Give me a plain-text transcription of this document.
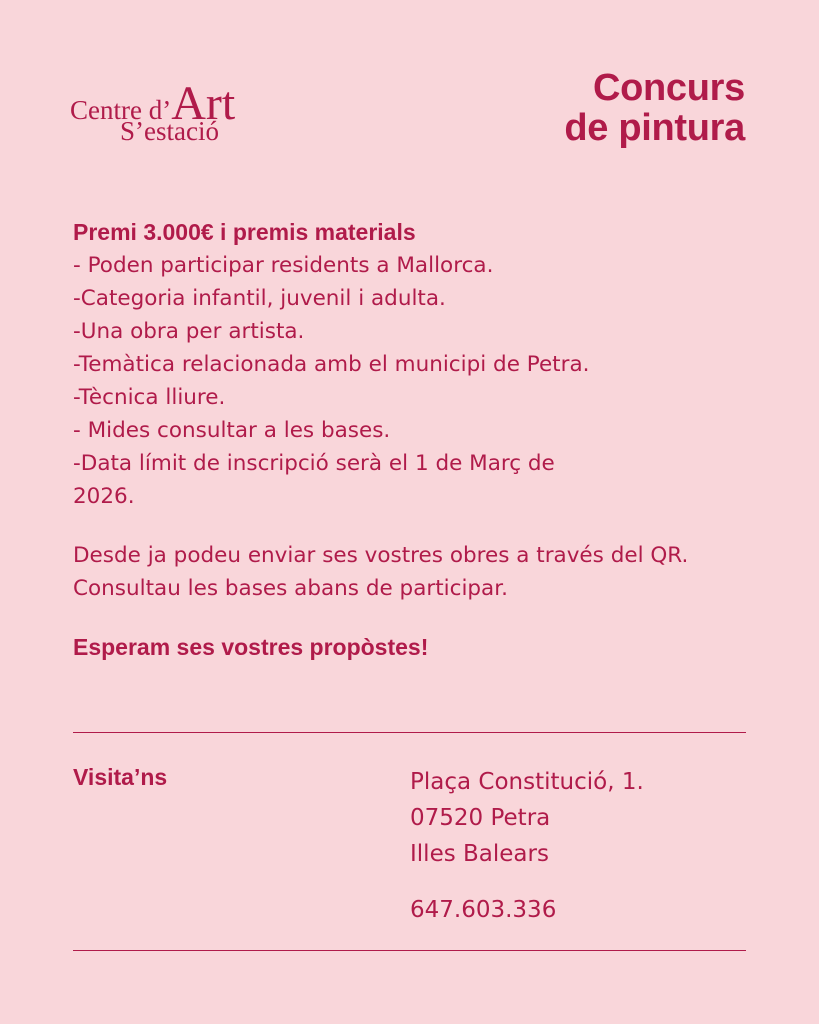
Centre d’Art
S’estació
Concurs
de pintura
Premi 3.000€ i premis materials
- Poden participar residents a Mallorca.
-Categoria infantil, juvenil i adulta.
-Una obra per artista.
-Temàtica relacionada amb el municipi de Petra.
-Tècnica lliure.
- Mides consultar a les bases.
-Data límit de inscripció serà el 1 de Març de
2026.
Desde ja podeu enviar ses vostres obres a través del QR. Consultau les bases abans de participar.
Esperam ses vostres propòstes!
Visita’ns	Plaça Constitució, 1.
07520 Petra
Illes Balears
647.603.336
